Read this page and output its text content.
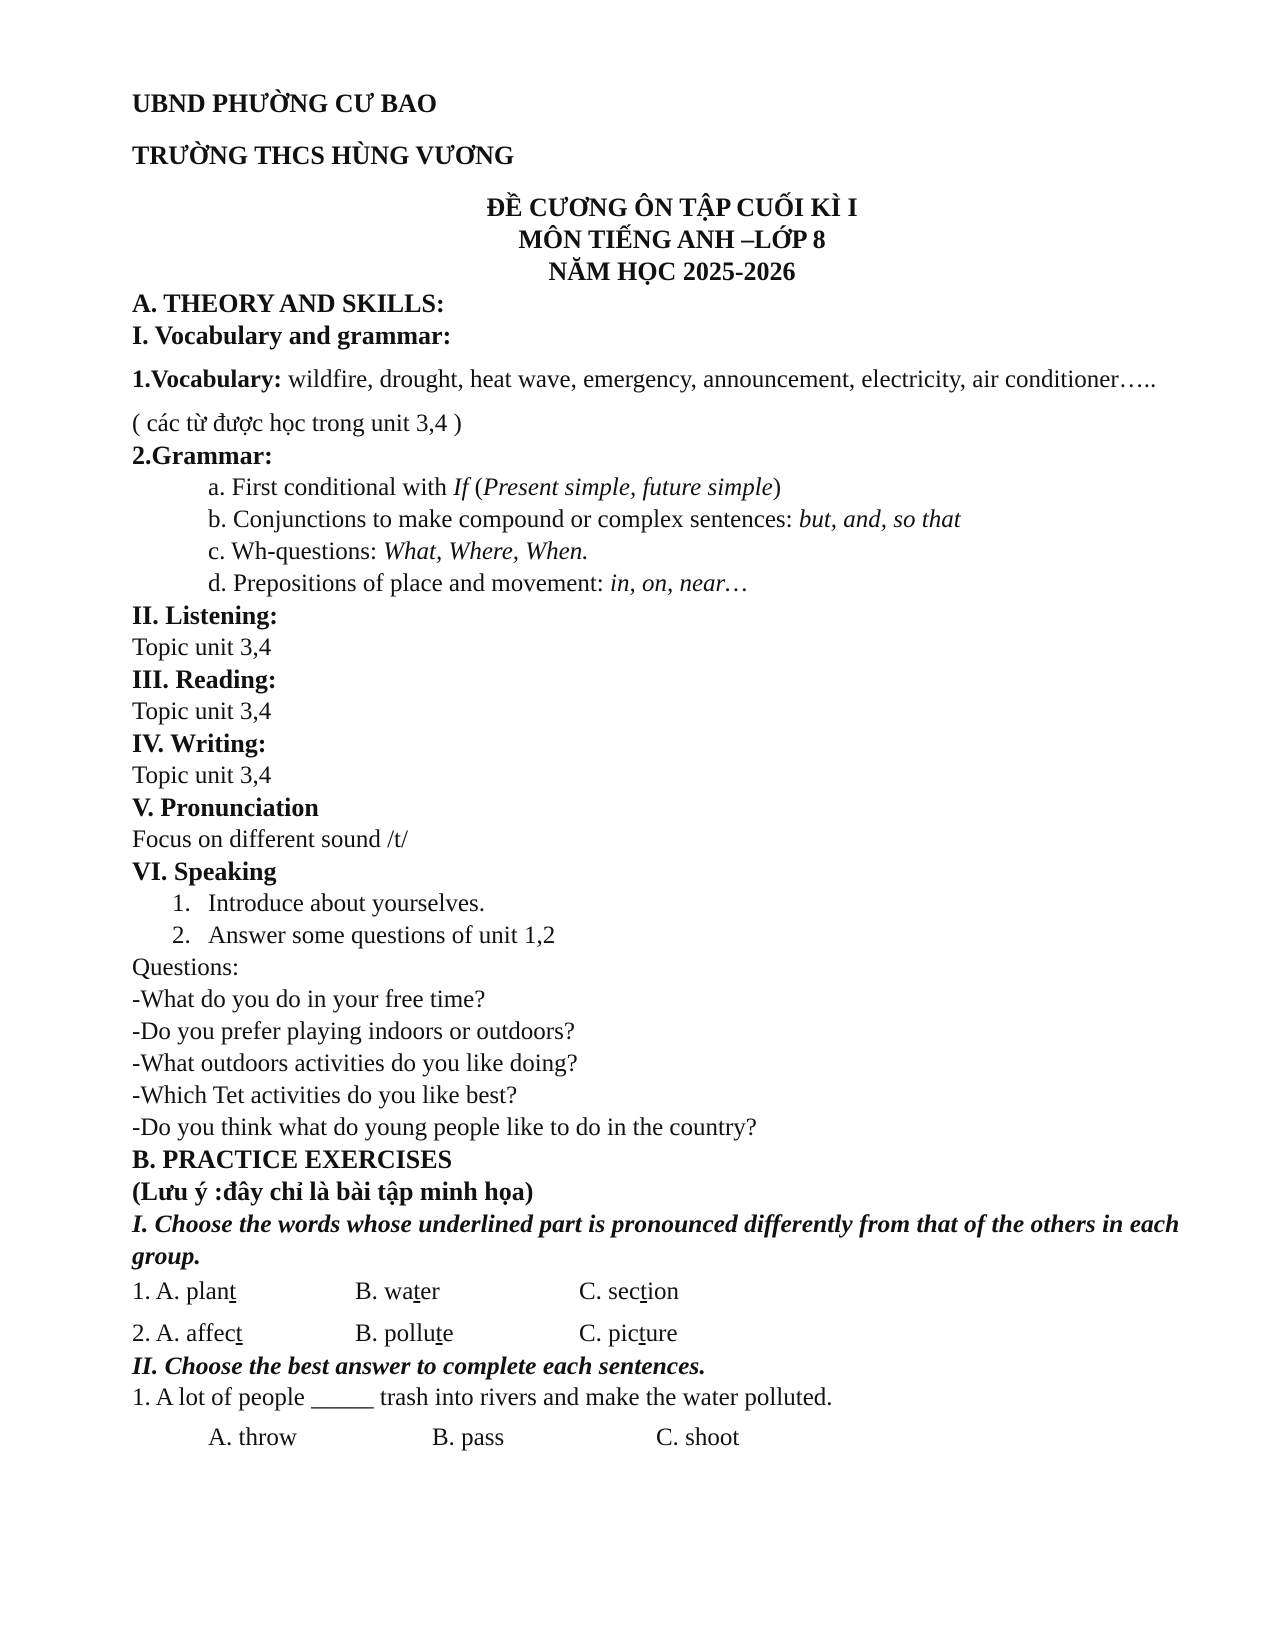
UBND PHƯỜNG CƯ BAO

TRƯỜNG THCS HÙNG VƯƠNG

ĐỀ CƯƠNG ÔN TẬP CUỐI KÌ I

MÔN TIẾNG ANH –LỚP 8

NĂM HỌC 2025-2026

A. THEORY AND SKILLS:

I. Vocabulary and grammar:

1.Vocabulary: wildfire, drought, heat wave, emergency, announcement, electricity, air conditioner…..

( các từ được học trong unit 3,4 )

2.Grammar:

a. First conditional with If (Present simple, future simple)

b. Conjunctions to make compound or complex sentences: but, and, so that

c. Wh-questions: What, Where, When.

d. Prepositions of place and movement: in, on, near…

II. Listening:

Topic unit 3,4

III. Reading:

Topic unit 3,4

IV. Writing:

Topic unit 3,4

V. Pronunciation

Focus on different sound /t/

VI. Speaking

1. Introduce about yourselves.

2. Answer some questions of unit 1,2

Questions:

-What do you do in your free time?

-Do you prefer playing indoors or outdoors?

-What outdoors activities do you like doing?

-Which Tet activities do you like best?

-Do you think what do young people like to do in the country?

B. PRACTICE EXERCISES

(Lưu ý :đây chỉ là bài tập minh họa)

I. Choose the words whose underlined part is pronounced differently from that of the others in each group.

1. A. plant	B. water	C. section
2. A. affect	B. pollute	C. picture

II. Choose the best answer to complete each sentences.

1. A lot of people _____ trash into rivers and make the water polluted.

A. throw	B. pass	C. shoot
